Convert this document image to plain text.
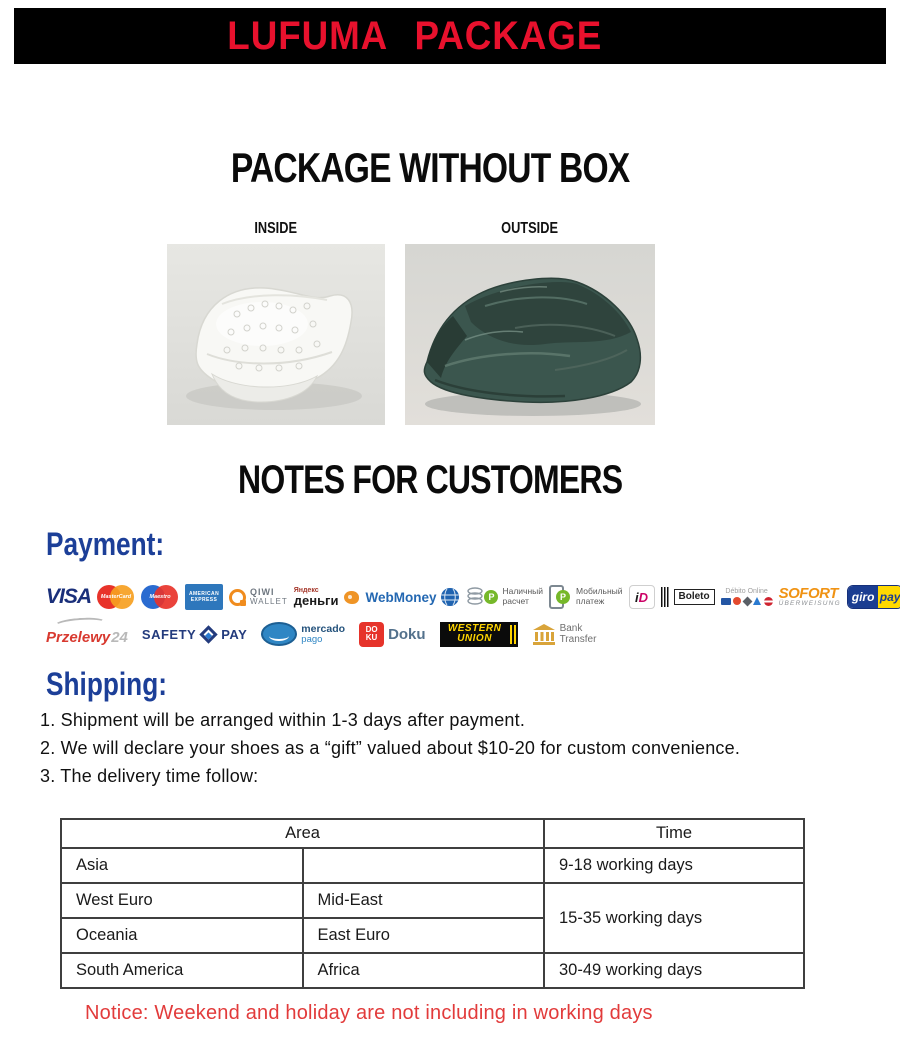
LUFUMA PACKAGE
PACKAGE WITHOUT BOX
INSIDE	OUTSIDE
NOTES FOR CUSTOMERS
Payment:
VISA	MasterCard	Maestro	AMERICAN
EXPRESS
QIWI
WALLET
Яндекс
деньги WebMoney	Р
Наличный
расчет	Р
Мобильный
платеж	i D	Boleto	Débito Online SOFORT
ÜBERWEISUNG giro pay
Przelewy 24 SAFETY PAY	mercado
pago
DO
KU Doku WESTERN
UNION
Bank
Transfer
Shipping:
1. Shipment will be arranged within 1-3 days after payment.
2. We will declare your shoes as a “gift” valued about $10-20 for custom convenience.
3. The delivery time follow:
Area		Time
Asia		9-18 working days
West Euro	Mid-East	15-35 working days
Oceania	East Euro	
South America	Africa	30-49 working days
Notice: Weekend and holiday are not including in working days
